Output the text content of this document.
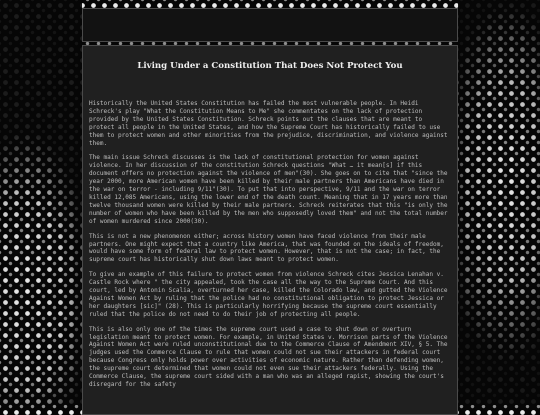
Living Under a Constitution That Does Not Protect You

Historically the United States Constitution has failed the most vulnerable people. In Heidi Schreck's play "What the Constitution Means to Me" she commentates on the lack of protection provided by the United States Constitution. Schreck points out the clauses that are meant to protect all people in the United States, and how the Supreme Court has historically failed to use them to protect women and other minorities from the prejudice, discrimination, and violence against them.

The main issue Schreck discusses is the lack of constitutional protection for women against violence. In her discussion of the constitution Schreck questions "What … it mean[s] if this document offers no protection against the violence of men"(30). She goes on to cite that "since the year 2000, more American women have been killed by their male partners than Americans have died in the war on terror - including 9/11"(30). To put that into perspective, 9/11 and the war on terror killed 12,085 Americans, using the lower end of the death count. Meaning that in 17 years more than twelve thousand women were killed by their male partners. Schreck reiterates that this "is only the number of women who have been killed by the men who supposedly loved them" and not the total number of women murdered since 2000(30).

This is not a new phenomenon either; across history women have faced violence from their male partners. One might expect that a country like America, that was founded on the ideals of freedom, would have some form of federal law to protect women. However, that is not the case; in fact, the supreme court has historically shut down laws meant to protect women.

To give an example of this failure to protect women from violence Schreck cites Jessica Lenahan v. Castle Rock where " the city appealed, took the case all the way to the Supreme Court. And this court, led by Antonin Scalia, overturned her case, killed the Colorado law, and gutted the Violence Against Women Act by ruling that the police had no constitutional obligation to protect Jessica or her daughters [sic]" (28). This is particularly horrifying because the supreme court essentially ruled that the police do not need to do their job of protecting all people.

This is also only one of the times the supreme court used a case to shut down or overturn legislation meant to protect women. For example, in United States v. Morrison parts of the Violence Against Women Act were ruled unconstitutional due to the Commerce Clause of Amendment XIV, § 5. The judges used the Commerce Clause to rule that women could not sue their attackers in federal court because Congress only holds power over activities of economic nature. Rather than defending women, the supreme court determined that women could not even sue their attackers federally. Using the Commerce Clause, the supreme court sided with a man who was an alleged rapist, showing the court's disregard for the safety
